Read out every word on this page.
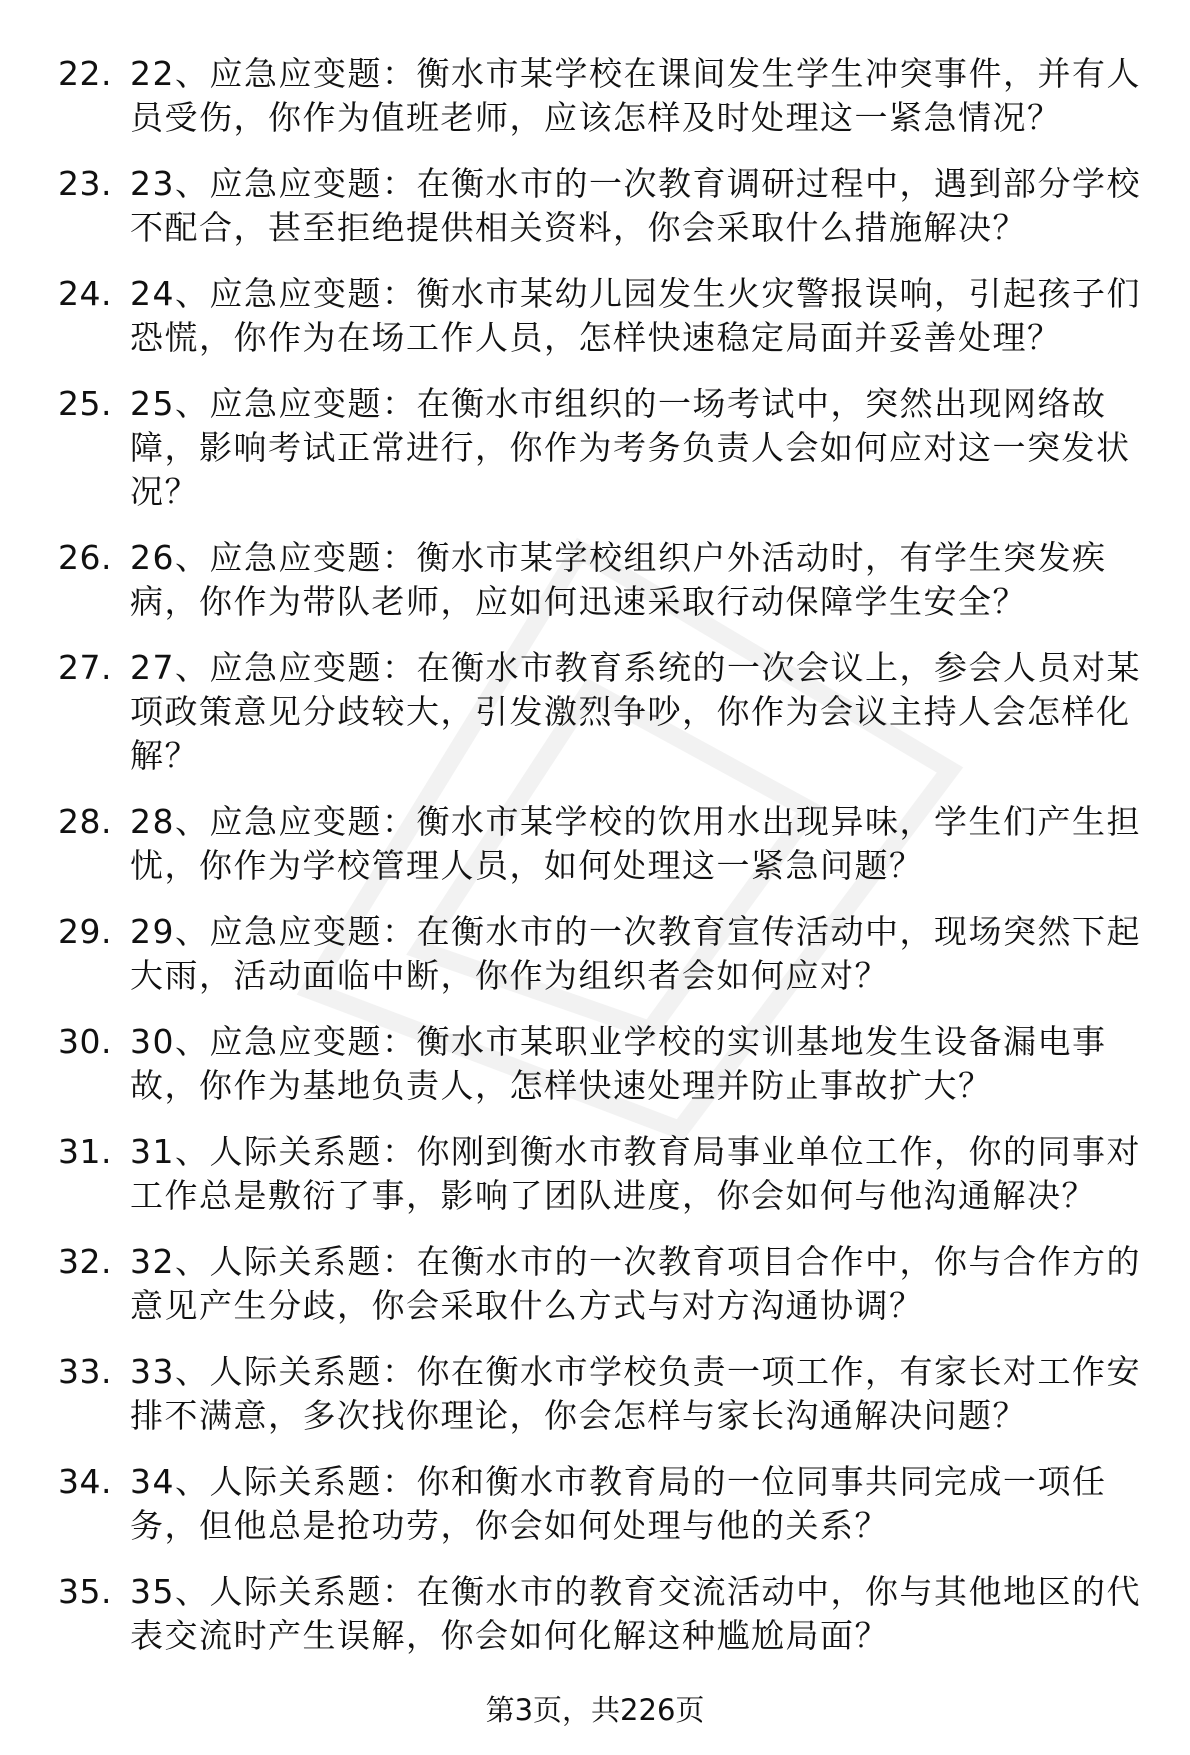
22. 22、应急应变题：衡水市某学校在课间发生学生冲突事件，并有人员受伤，你作为值班老师，应该怎样及时处理这一紧急情况？
23. 23、应急应变题：在衡水市的一次教育调研过程中，遇到部分学校不配合，甚至拒绝提供相关资料，你会采取什么措施解决？
24. 24、应急应变题：衡水市某幼儿园发生火灾警报误响，引起孩子们恐慌，你作为在场工作人员，怎样快速稳定局面并妥善处理？
25. 25、应急应变题：在衡水市组织的一场考试中，突然出现网络故障，影响考试正常进行，你作为考务负责人会如何应对这一突发状况？
26. 26、应急应变题：衡水市某学校组织户外活动时，有学生突发疾病，你作为带队老师，应如何迅速采取行动保障学生安全？
27. 27、应急应变题：在衡水市教育系统的一次会议上，参会人员对某项政策意见分歧较大，引发激烈争吵，你作为会议主持人会怎样化解？
28. 28、应急应变题：衡水市某学校的饮用水出现异味，学生们产生担忧，你作为学校管理人员，如何处理这一紧急问题？
29. 29、应急应变题：在衡水市的一次教育宣传活动中，现场突然下起大雨，活动面临中断，你作为组织者会如何应对？
30. 30、应急应变题：衡水市某职业学校的实训基地发生设备漏电事故，你作为基地负责人，怎样快速处理并防止事故扩大？
31. 31、人际关系题：你刚到衡水市教育局事业单位工作，你的同事对工作总是敷衍了事，影响了团队进度，你会如何与他沟通解决？
32. 32、人际关系题：在衡水市的一次教育项目合作中，你与合作方的意见产生分歧，你会采取什么方式与对方沟通协调？
33. 33、人际关系题：你在衡水市学校负责一项工作，有家长对工作安排不满意，多次找你理论，你会怎样与家长沟通解决问题？
34. 34、人际关系题：你和衡水市教育局的一位同事共同完成一项任务，但他总是抢功劳，你会如何处理与他的关系？
35. 35、人际关系题：在衡水市的教育交流活动中，你与其他地区的代表交流时产生误解，你会如何化解这种尴尬局面？
第3页，共226页
